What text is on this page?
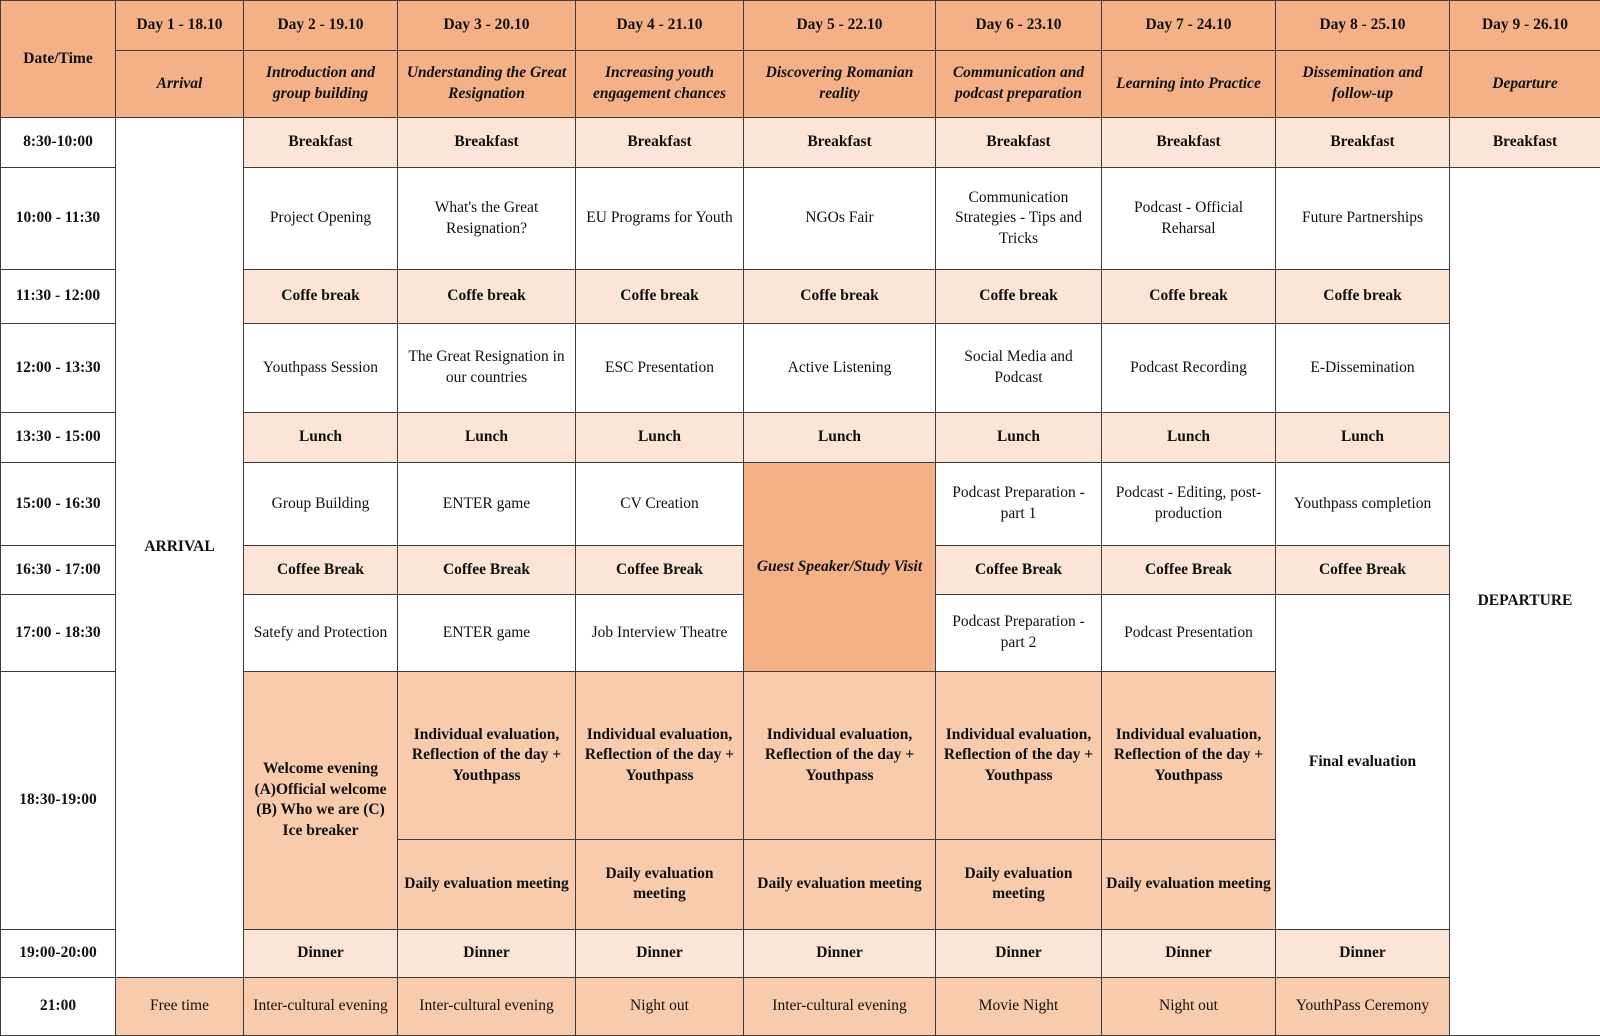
Date/Time	Day 1 - 18.10	Day 2 - 19.10	Day 3 - 20.10	Day 4 - 21.10	Day 5 - 22.10	Day 6 - 23.10	Day 7 - 24.10	Day 8 - 25.10	Day 9 - 26.10	
	Arrival	Introduction and group building	Understanding the Great Resignation	Increasing youth engagement chances	Discovering Romanian reality	Communication and podcast preparation	Learning into Practice	Dissemination and follow-up	Departure	
8:30-10:00	ARRIVAL	Breakfast	Breakfast	Breakfast	Breakfast	Breakfast	Breakfast	Breakfast	Breakfast	
10:00 - 11:30		Project Opening	What's the Great Resignation?	EU Programs for Youth	NGOs Fair	Communication Strategies - Tips and Tricks	Podcast - Official Reharsal	Future Partnerships	DEPARTURE	
11:30 - 12:00		Coffe break	Coffe break	Coffe break	Coffe break	Coffe break	Coffe break	Coffe break		
12:00 - 13:30		Youthpass Session	The Great Resignation in our countries	ESC Presentation	Active Listening	Social Media and Podcast	Podcast Recording	E-Dissemination		
13:30 - 15:00		Lunch	Lunch	Lunch	Lunch	Lunch	Lunch	Lunch		
15:00 - 16:30		Group Building	ENTER game	CV Creation	Guest Speaker/Study Visit	Podcast Preparation - part 1	Podcast - Editing, post-production	Youthpass completion		
16:30 - 17:00		Coffee Break	Coffee Break	Coffee Break		Coffee Break	Coffee Break	Coffee Break		
17:00 - 18:30		Satefy and Protection	ENTER game	Job Interview Theatre		Podcast Preparation - part 2	Podcast Presentation	Final evaluation		
18:30-19:00		Welcome evening (A)Official welcome (B) Who we are (C) Ice breaker	Individual evaluation, Reflection of the day + Youthpass	Individual evaluation, Reflection of the day + Youthpass	Individual evaluation, Reflection of the day + Youthpass	Individual evaluation, Reflection of the day + Youthpass	Individual evaluation, Reflection of the day + Youthpass	
			Daily evaluation meeting	Daily evaluation meeting	Daily evaluation meeting	Daily evaluation meeting	Daily evaluation meeting	
19:00-20:00		Dinner	Dinner	Dinner	Dinner	Dinner	Dinner	Dinner	
21:00	Free time	Inter-cultural evening	Inter-cultural evening	Night out	Inter-cultural evening	Movie Night	Night out	YouthPass Ceremony		
